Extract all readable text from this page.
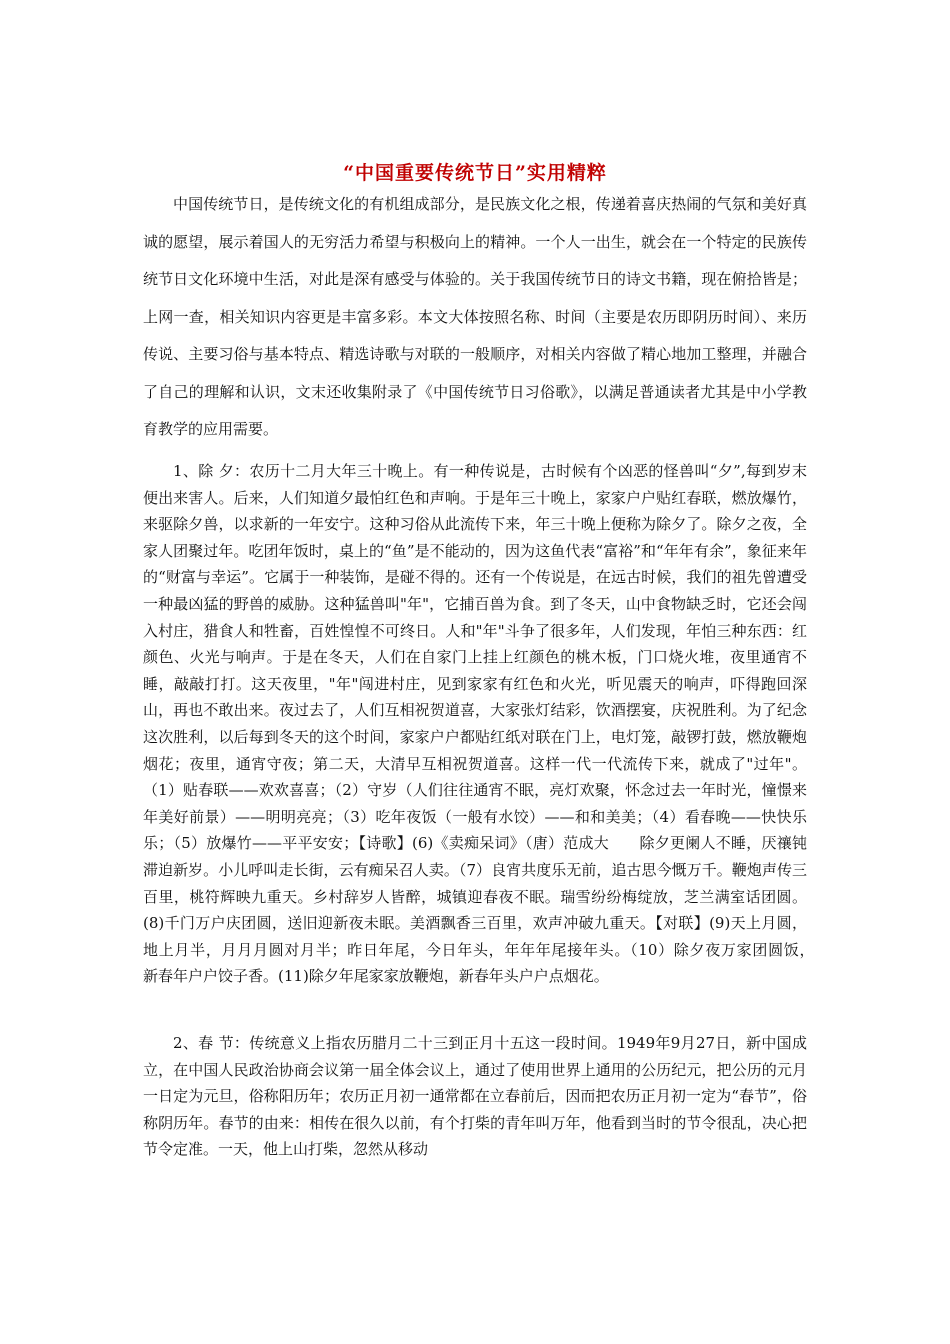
“中国重要传统节日”实用精粹

中国传统节日，是传统文化的有机组成部分，是民族文化之根，传递着喜庆热闹的气氛和美好真诚的愿望，展示着国人的无穷活力希望与积极向上的精神。一个人一出生，就会在一个特定的民族传统节日文化环境中生活，对此是深有感受与体验的。关于我国传统节日的诗文书籍，现在俯拾皆是；上网一查，相关知识内容更是丰富多彩。本文大体按照名称、时间（主要是农历即阴历时间）、来历传说、主要习俗与基本特点、精选诗歌与对联的一般顺序，对相关内容做了精心地加工整理，并融合了自己的理解和认识，文末还收集附录了《中国传统节日习俗歌》，以满足普通读者尤其是中小学教育教学的应用需要。

1、除 夕：农历十二月大年三十晚上。有一种传说是，古时候有个凶恶的怪兽叫“夕”,每到岁末便出来害人。后来，人们知道夕最怕红色和声响。于是年三十晚上，家家户户贴红春联，燃放爆竹，来驱除夕兽，以求新的一年安宁。这种习俗从此流传下来，年三十晚上便称为除夕了。除夕之夜，全家人团聚过年。吃团年饭时，桌上的“鱼”是不能动的，因为这鱼代表“富裕”和“年年有余”，象征来年的“财富与幸运”。它属于一种装饰，是碰不得的。还有一个传说是，在远古时候，我们的祖先曾遭受一种最凶猛的野兽的威胁。这种猛兽叫"年"，它捕百兽为食。到了冬天，山中食物缺乏时，它还会闯入村庄，猎食人和牲畜，百姓惶惶不可终日。人和"年"斗争了很多年，人们发现，年怕三种东西：红颜色、火光与响声。于是在冬天，人们在自家门上挂上红颜色的桃木板，门口烧火堆，夜里通宵不睡，敲敲打打。这天夜里，"年"闯进村庄，见到家家有红色和火光，听见震天的响声，吓得跑回深山，再也不敢出来。夜过去了，人们互相祝贺道喜，大家张灯结彩，饮酒摆宴，庆祝胜利。为了纪念这次胜利，以后每到冬天的这个时间，家家户户都贴红纸对联在门上，电灯笼，敲锣打鼓，燃放鞭炮烟花；夜里，通宵守夜；第二天，大清早互相祝贺道喜。这样一代一代流传下来，就成了"过年"。（1）贴春联——欢欢喜喜；（2）守岁（人们往往通宵不眠，亮灯欢聚，怀念过去一年时光，憧憬来年美好前景）——明明亮亮；（3）吃年夜饭（一般有水饺）——和和美美；（4）看春晚——快快乐乐；（5）放爆竹——平平安安；【诗歌】(6)《卖痴呆词》（唐）范成大　　除夕更阑人不睡，厌禳钝滞迫新岁。小儿呼叫走长街，云有痴呆召人卖。（7）良宵共度乐无前，追古思今慨万千。鞭炮声传三百里，桃符辉映九重天。乡村辞岁人皆醉，城镇迎春夜不眠。瑞雪纷纷梅绽放，芝兰满室话团圆。(8)千门万户庆团圆，送旧迎新夜未眠。美酒飘香三百里，欢声冲破九重天。【对联】(9)天上月圆，地上月半，月月月圆对月半；昨日年尾，今日年头，年年年尾接年头。（10）除夕夜万家团圆饭，　新春年户户饺子香。(11)除夕年尾家家放鞭炮，新春年头户户点烟花。

2、春 节：传统意义上指农历腊月二十三到正月十五这一段时间。1949年9月27日，新中国成立，在中国人民政治协商会议第一届全体会议上，通过了使用世界上通用的公历纪元，把公历的元月一日定为元旦，俗称阳历年；农历正月初一通常都在立春前后，因而把农历正月初一定为“春节”，俗称阴历年。春节的由来：相传在很久以前，有个打柴的青年叫万年，他看到当时的节令很乱，决心把节令定准。一天，他上山打柴，忽然从移动
